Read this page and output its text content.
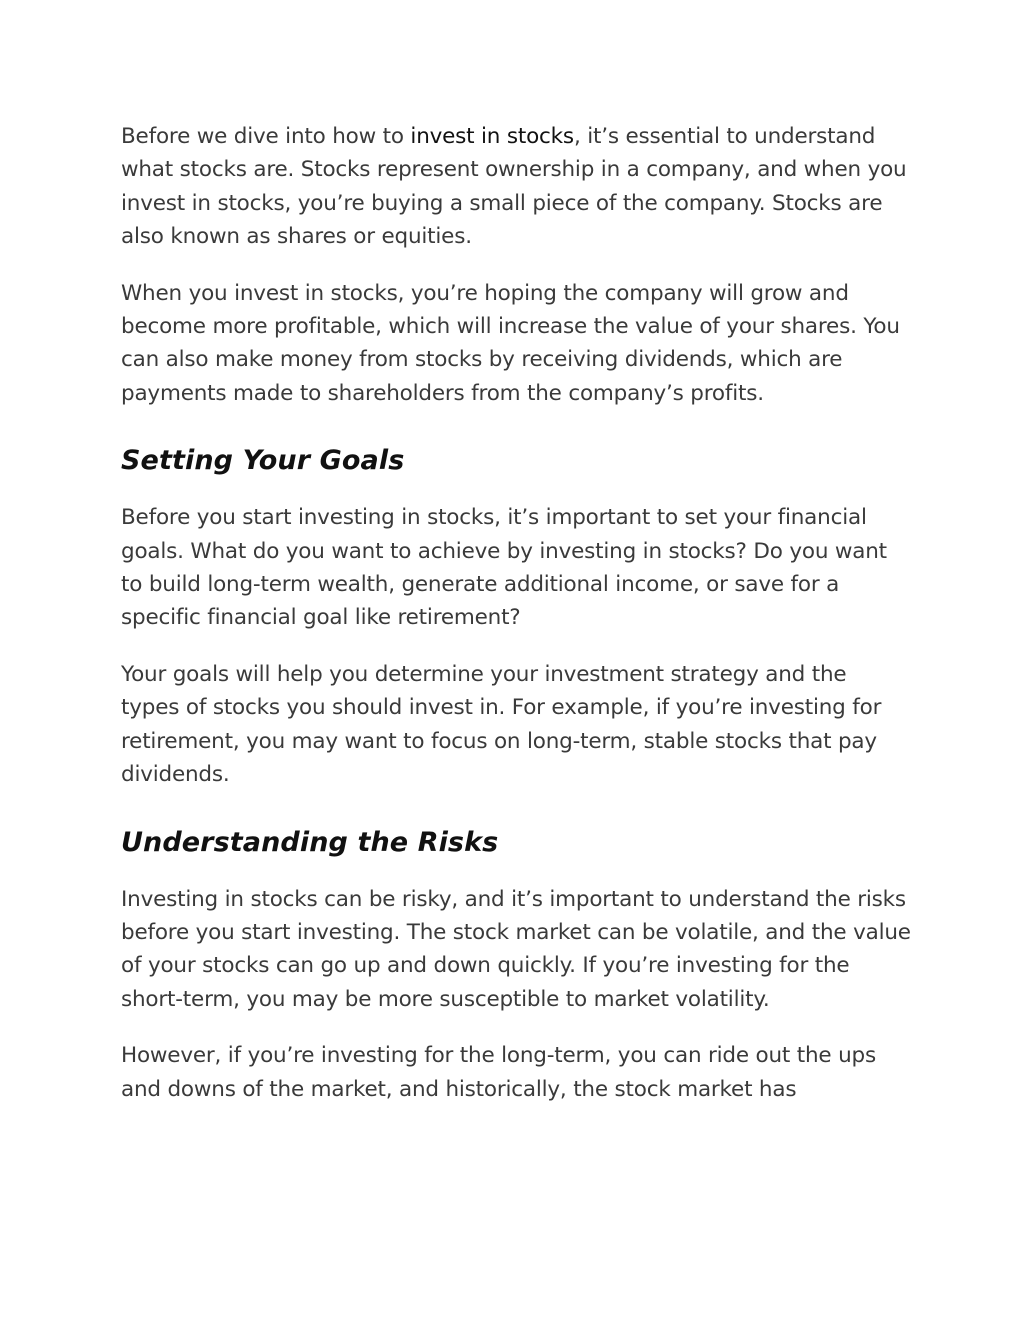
Before we dive into how to invest in stocks, it’s essential to understand what stocks are. Stocks represent ownership in a company, and when you invest in stocks, you’re buying a small piece of the company. Stocks are also known as shares or equities.

When you invest in stocks, you’re hoping the company will grow and become more profitable, which will increase the value of your shares. You can also make money from stocks by receiving dividends, which are payments made to shareholders from the company’s profits.

Setting Your Goals

Before you start investing in stocks, it’s important to set your financial goals. What do you want to achieve by investing in stocks? Do you want to build long-term wealth, generate additional income, or save for a specific financial goal like retirement?

Your goals will help you determine your investment strategy and the types of stocks you should invest in. For example, if you’re investing for retirement, you may want to focus on long-term, stable stocks that pay dividends.

Understanding the Risks

Investing in stocks can be risky, and it’s important to understand the risks before you start investing. The stock market can be volatile, and the value of your stocks can go up and down quickly. If you’re investing for the short-term, you may be more susceptible to market volatility.

However, if you’re investing for the long-term, you can ride out the ups and downs of the market, and historically, the stock market has
